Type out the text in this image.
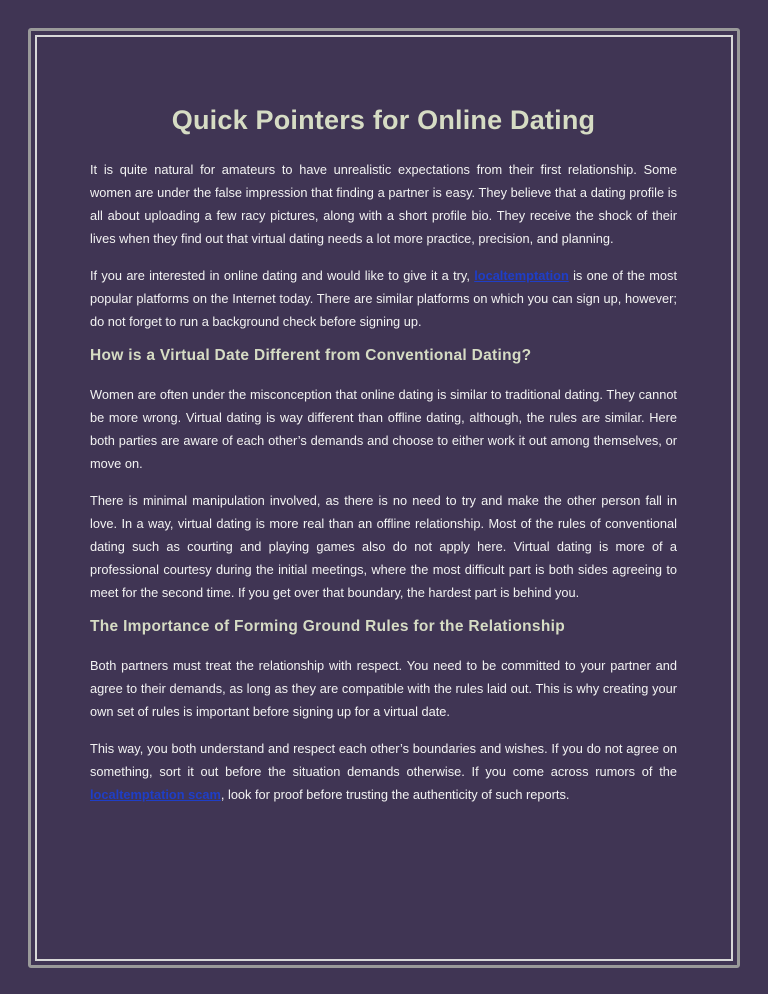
Quick Pointers for Online Dating

It is quite natural for amateurs to have unrealistic expectations from their first relationship. Some women are under the false impression that finding a partner is easy. They believe that a dating profile is all about uploading a few racy pictures, along with a short profile bio. They receive the shock of their lives when they find out that virtual dating needs a lot more practice, precision, and planning.

If you are interested in online dating and would like to give it a try, localtemptation is one of the most popular platforms on the Internet today. There are similar platforms on which you can sign up, however; do not forget to run a background check before signing up.

How is a Virtual Date Different from Conventional Dating?

Women are often under the misconception that online dating is similar to traditional dating. They cannot be more wrong. Virtual dating is way different than offline dating, although, the rules are similar. Here both parties are aware of each other’s demands and choose to either work it out among themselves, or move on.

There is minimal manipulation involved, as there is no need to try and make the other person fall in love. In a way, virtual dating is more real than an offline relationship. Most of the rules of conventional dating such as courting and playing games also do not apply here. Virtual dating is more of a professional courtesy during the initial meetings, where the most difficult part is both sides agreeing to meet for the second time. If you get over that boundary, the hardest part is behind you.

The Importance of Forming Ground Rules for the Relationship

Both partners must treat the relationship with respect. You need to be committed to your partner and agree to their demands, as long as they are compatible with the rules laid out. This is why creating your own set of rules is important before signing up for a virtual date.

This way, you both understand and respect each other’s boundaries and wishes. If you do not agree on something, sort it out before the situation demands otherwise. If you come across rumors of the localtemptation scam, look for proof before trusting the authenticity of such reports.
